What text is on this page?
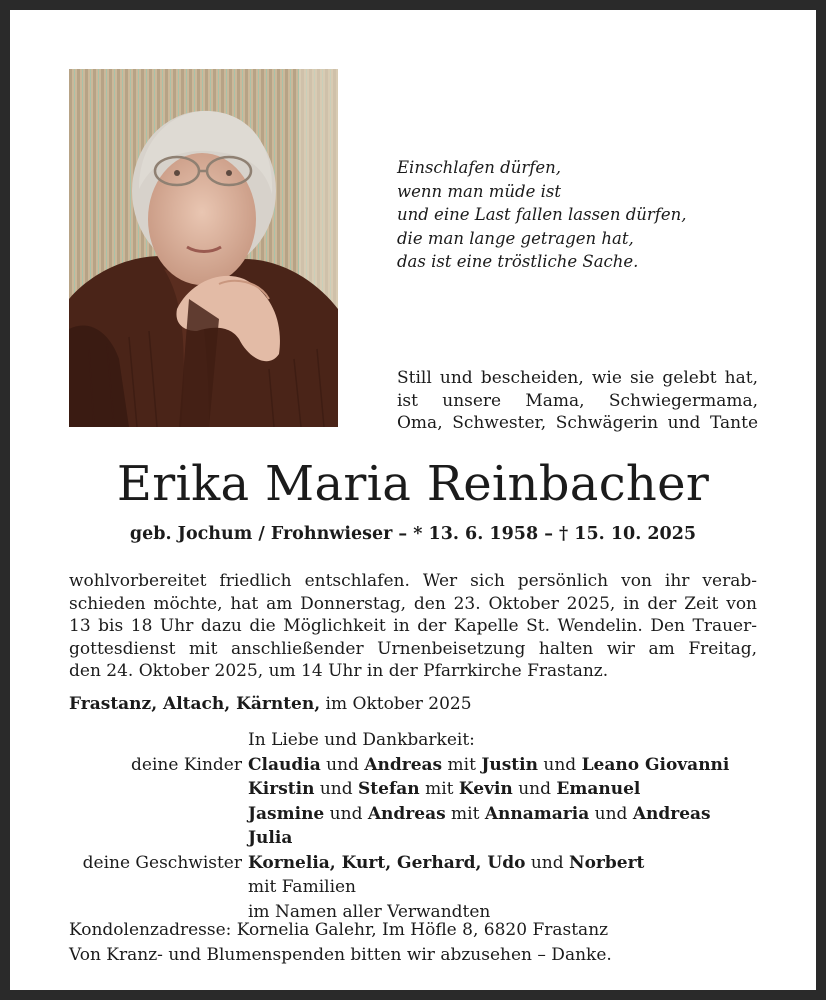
Einschlafen dürfen,
wenn man müde ist
und eine Last fallen lassen dürfen,
die man lange getragen hat,
das ist eine tröstliche Sache.
Still und bescheiden, wie sie gelebt hat,
ist unsere Mama, Schwiegermama,
Oma, Schwester, Schwägerin und Tante
Erika Maria Reinbacher
geb. Jochum / Frohnwieser – * 13. 6. 1958 – † 15. 10. 2025
wohlvorbereitet friedlich entschlafen. Wer sich persönlich von ihr verab-
schieden möchte, hat am Donnerstag, den 23. Oktober 2025, in der Zeit von
13 bis 18 Uhr dazu die Möglichkeit in der Kapelle St. Wendelin. Den Trauer-
gottesdienst mit anschließender Urnenbeisetzung halten wir am Freitag,
den 24. Oktober 2025, um 14 Uhr in der Pfarrkirche Frastanz.
Frastanz, Altach, Kärnten, im Oktober 2025
In Liebe und Dankbarkeit:
deine Kinder Claudia und Andreas mit Justin und Leano Giovanni
Kirstin und Stefan mit Kevin und Emanuel
Jasmine und Andreas mit Annamaria und Andreas
Julia
deine Geschwister Kornelia, Kurt, Gerhard, Udo und Norbert
mit Familien
im Namen aller Verwandten
Kondolenzadresse: Kornelia Galehr, Im Höfle 8, 6820 Frastanz
Von Kranz- und Blumenspenden bitten wir abzusehen – Danke.
